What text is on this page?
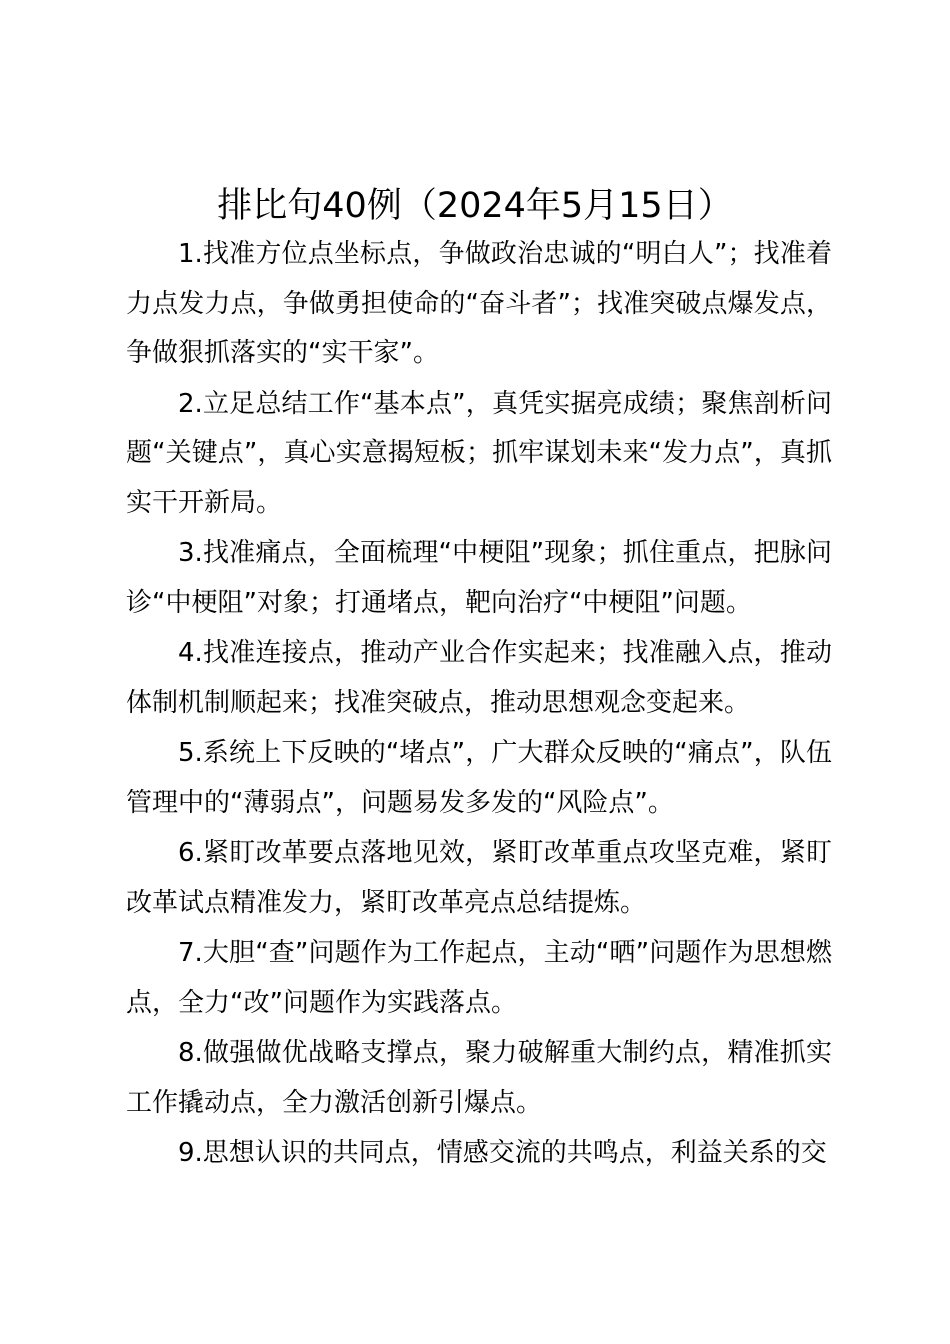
排比句40例（2024年5月15日）

1.找准方位点坐标点，争做政治忠诚的“明白人”；找准着力点发力点，争做勇担使命的“奋斗者”；找准突破点爆发点，争做狠抓落实的“实干家”。

2.立足总结工作“基本点”，真凭实据亮成绩；聚焦剖析问题“关键点”，真心实意揭短板；抓牢谋划未来“发力点”，真抓实干开新局。

3.找准痛点，全面梳理“中梗阻”现象；抓住重点，把脉问诊“中梗阻”对象；打通堵点，靶向治疗“中梗阻”问题。

4.找准连接点，推动产业合作实起来；找准融入点，推动体制机制顺起来；找准突破点，推动思想观念变起来。

5.系统上下反映的“堵点”，广大群众反映的“痛点”，队伍管理中的“薄弱点”，问题易发多发的“风险点”。

6.紧盯改革要点落地见效，紧盯改革重点攻坚克难，紧盯改革试点精准发力，紧盯改革亮点总结提炼。

7.大胆“查”问题作为工作起点，主动“晒”问题作为思想燃点，全力“改”问题作为实践落点。

8.做强做优战略支撑点，聚力破解重大制约点，精准抓实工作撬动点，全力激活创新引爆点。

9.思想认识的共同点，情感交流的共鸣点，利益关系的交
